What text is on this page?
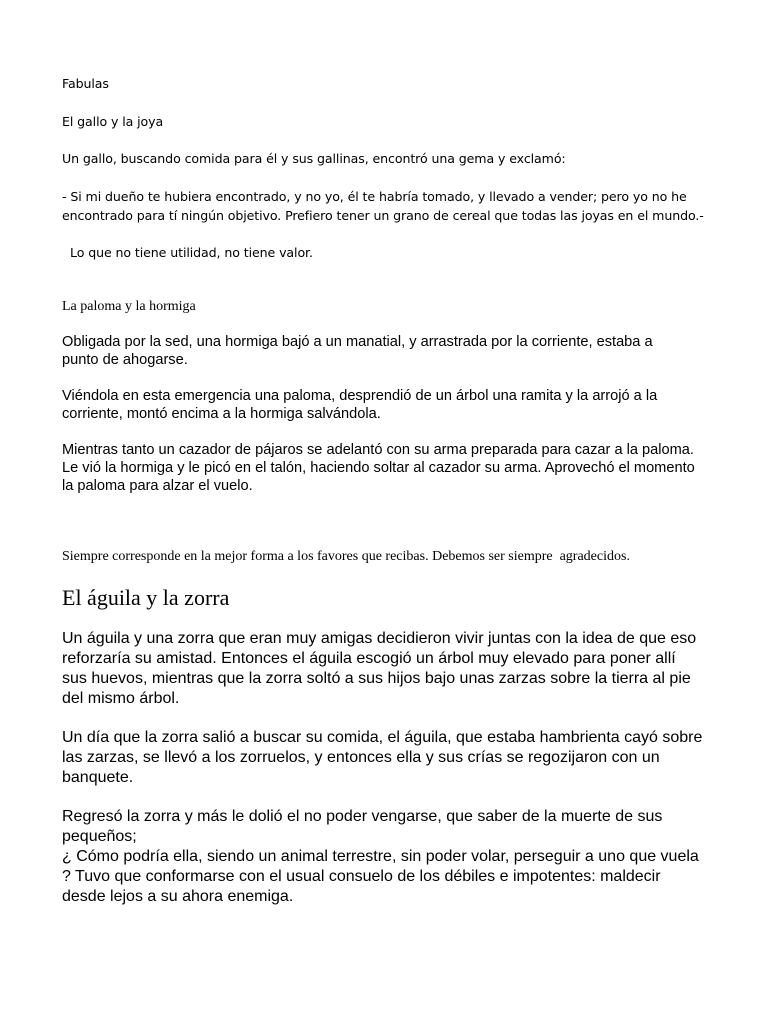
Fabulas

El gallo y la joya

Un gallo, buscando comida para él y sus gallinas, encontró una gema y exclamó:

- Si mi dueño te hubiera encontrado, y no yo, él te habría tomado, y llevado a vender; pero yo no he

encontrado para tí ningún objetivo. Prefiero tener un grano de cereal que todas las joyas en el mundo.-

Lo que no tiene utilidad, no tiene valor.

La paloma y la hormiga

Obligada por la sed, una hormiga bajó a un manatial, y arrastrada por la corriente, estaba a punto de ahogarse.

Viéndola en esta emergencia una paloma, desprendió de un árbol una ramita y la arrojó a la corriente, montó encima a la hormiga salvándola.

Mientras tanto un cazador de pájaros se adelantó con su arma preparada para cazar a la paloma. Le vió la hormiga y le picó en el talón, haciendo soltar al cazador su arma. Aprovechó el momento la paloma para alzar el vuelo.

Siempre corresponde en la mejor forma a los favores que recibas. Debemos ser siempre  agradecidos.

El águila y la zorra

Un águila y una zorra que eran muy amigas decidieron vivir juntas con la idea de que eso reforzaría su amistad. Entonces el águila escogió un árbol muy elevado para poner allí sus huevos, mientras que la zorra soltó a sus hijos bajo unas zarzas sobre la tierra al pie del mismo árbol.

Un día que la zorra salió a buscar su comida, el águila, que estaba hambrienta cayó sobre las zarzas, se llevó a los zorruelos, y entonces ella y sus crías se regozijaron con un banquete.

Regresó la zorra y más le dolió el no poder vengarse, que saber de la muerte de sus pequeños;

¿ Cómo podría ella, siendo un animal terrestre, sin poder volar, perseguir a uno que vuela ? Tuvo que conformarse con el usual consuelo de los débiles e impotentes: maldecir desde lejos a su ahora enemiga.
